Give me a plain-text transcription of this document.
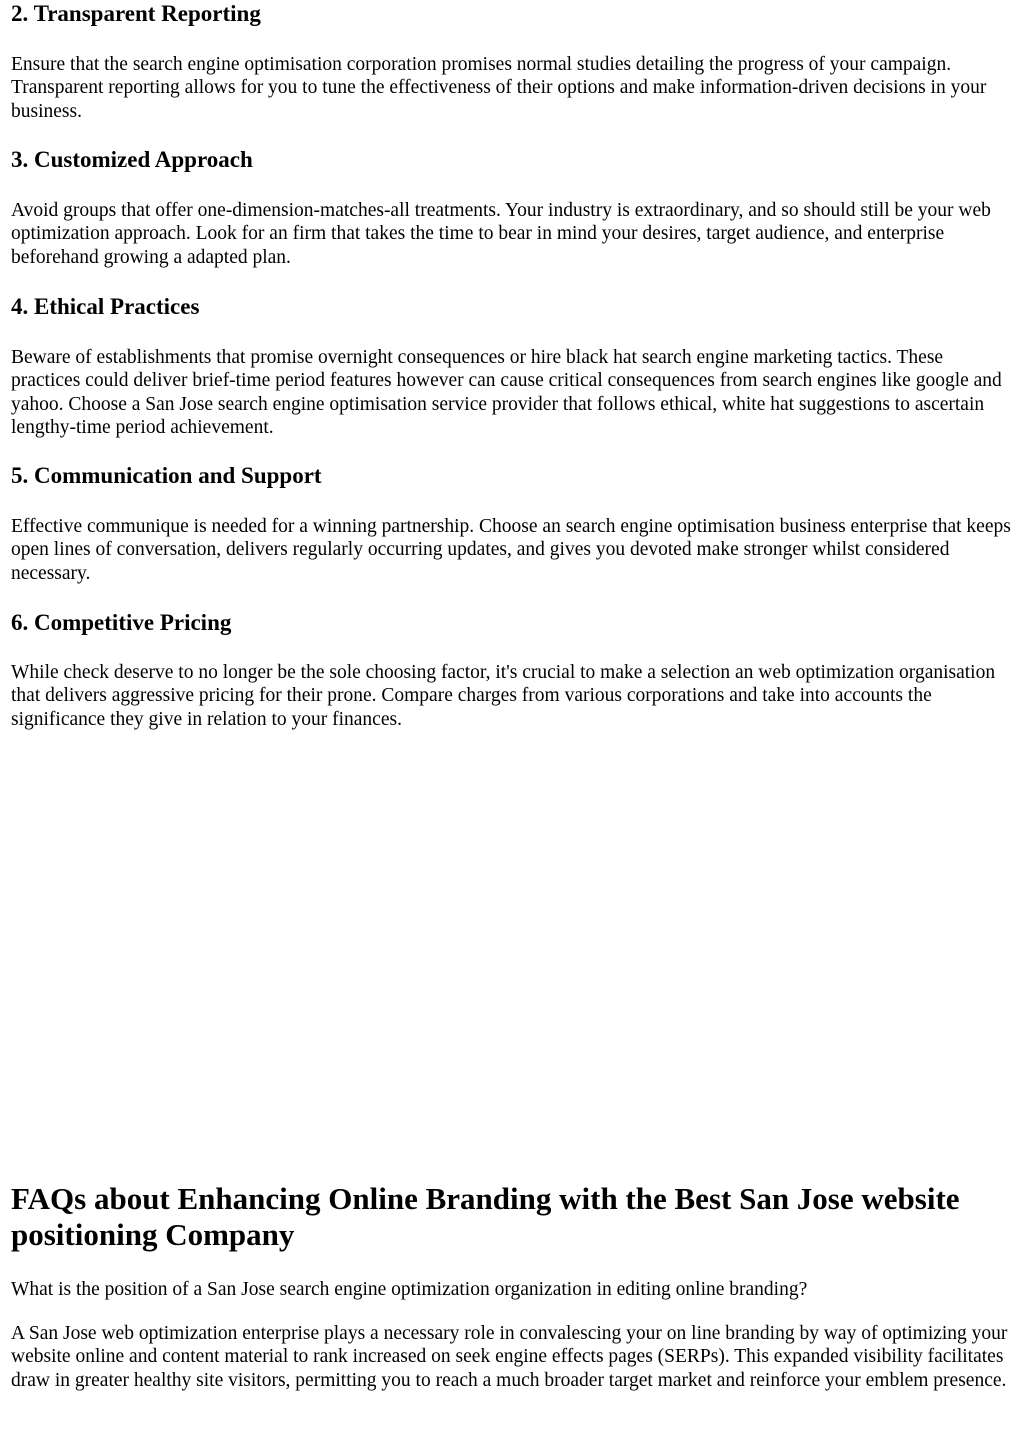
2. Transparent Reporting

Ensure that the search engine optimisation corporation promises normal studies detailing the progress of your campaign. Transparent reporting allows for you to tune the effectiveness of their options and make information-driven decisions in your business.

3. Customized Approach

Avoid groups that offer one-dimension-matches-all treatments. Your industry is extraordinary, and so should still be your web optimization approach. Look for an firm that takes the time to bear in mind your desires, target audience, and enterprise beforehand growing a adapted plan.

4. Ethical Practices

Beware of establishments that promise overnight consequences or hire black hat search engine marketing tactics. These practices could deliver brief-time period features however can cause critical consequences from search engines like google and yahoo. Choose a San Jose search engine optimisation service provider that follows ethical, white hat suggestions to ascertain lengthy-time period achievement.

5. Communication and Support

Effective communique is needed for a winning partnership. Choose an search engine optimisation business enterprise that keeps open lines of conversation, delivers regularly occurring updates, and gives you devoted make stronger whilst considered necessary.

6. Competitive Pricing

While check deserve to no longer be the sole choosing factor, it's crucial to make a selection an web optimization organisation that delivers aggressive pricing for their prone. Compare charges from various corporations and take into accounts the significance they give in relation to your finances.

FAQs about Enhancing Online Branding with the Best San Jose website positioning Company

What is the position of a San Jose search engine optimization organization in editing online branding?

A San Jose web optimization enterprise plays a necessary role in convalescing your on line branding by way of optimizing your website online and content material to rank increased on seek engine effects pages (SERPs). This expanded visibility facilitates draw in greater healthy site visitors, permitting you to reach a much broader target market and reinforce your emblem presence.
